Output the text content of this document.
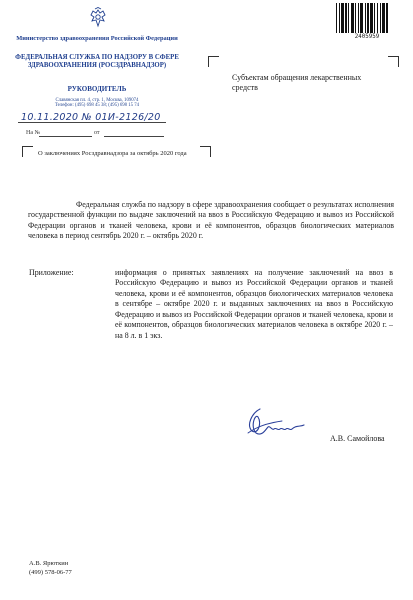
Министерство здравоохранения Российской Федерации
ФЕДЕРАЛЬНАЯ СЛУЖБА ПО НАДЗОРУ В СФЕРЕ ЗДРАВООХРАНЕНИЯ (РОСЗДРАВНАДЗОР)
РУКОВОДИТЕЛЬ
Славянская пл. 4, стр. 1, Москва, 109074
Телефон: (495) 698 45 38; (495) 698 15 74
10.11.2020 № 01И-2126/20
На №	от
О заключениях Росздравнадзора за октябрь 2020 года
Субъектам обращения лекарственных средств
2405959
Федеральная служба по надзору в сфере здравоохранения сообщает о результатах исполнения государственной функции по выдаче заключений на ввоз в Российскую Федерацию и вывоз из Российской Федерации органов и тканей человека, крови и её компонентов, образцов биологических материалов человека в период сентябрь 2020 г. – октябрь 2020 г.
Приложение:	информация о принятых заявлениях на получение заключений на ввоз в Российскую Федерацию и вывоз из Российской Федерации органов и тканей человека, крови и её компонентов, образцов биологических материалов человека в сентябре – октябре 2020 г. и выданных заключениях на ввоз в Российскую Федерацию и вывоз из Российской Федерации органов и тканей человека, крови и её компонентов, образцов биологических материалов человека в октябре 2020 г. – на 8 л. в 1 экз.
А.В. Самойлова
А.В. Ярюткин
(499) 578-06-77
